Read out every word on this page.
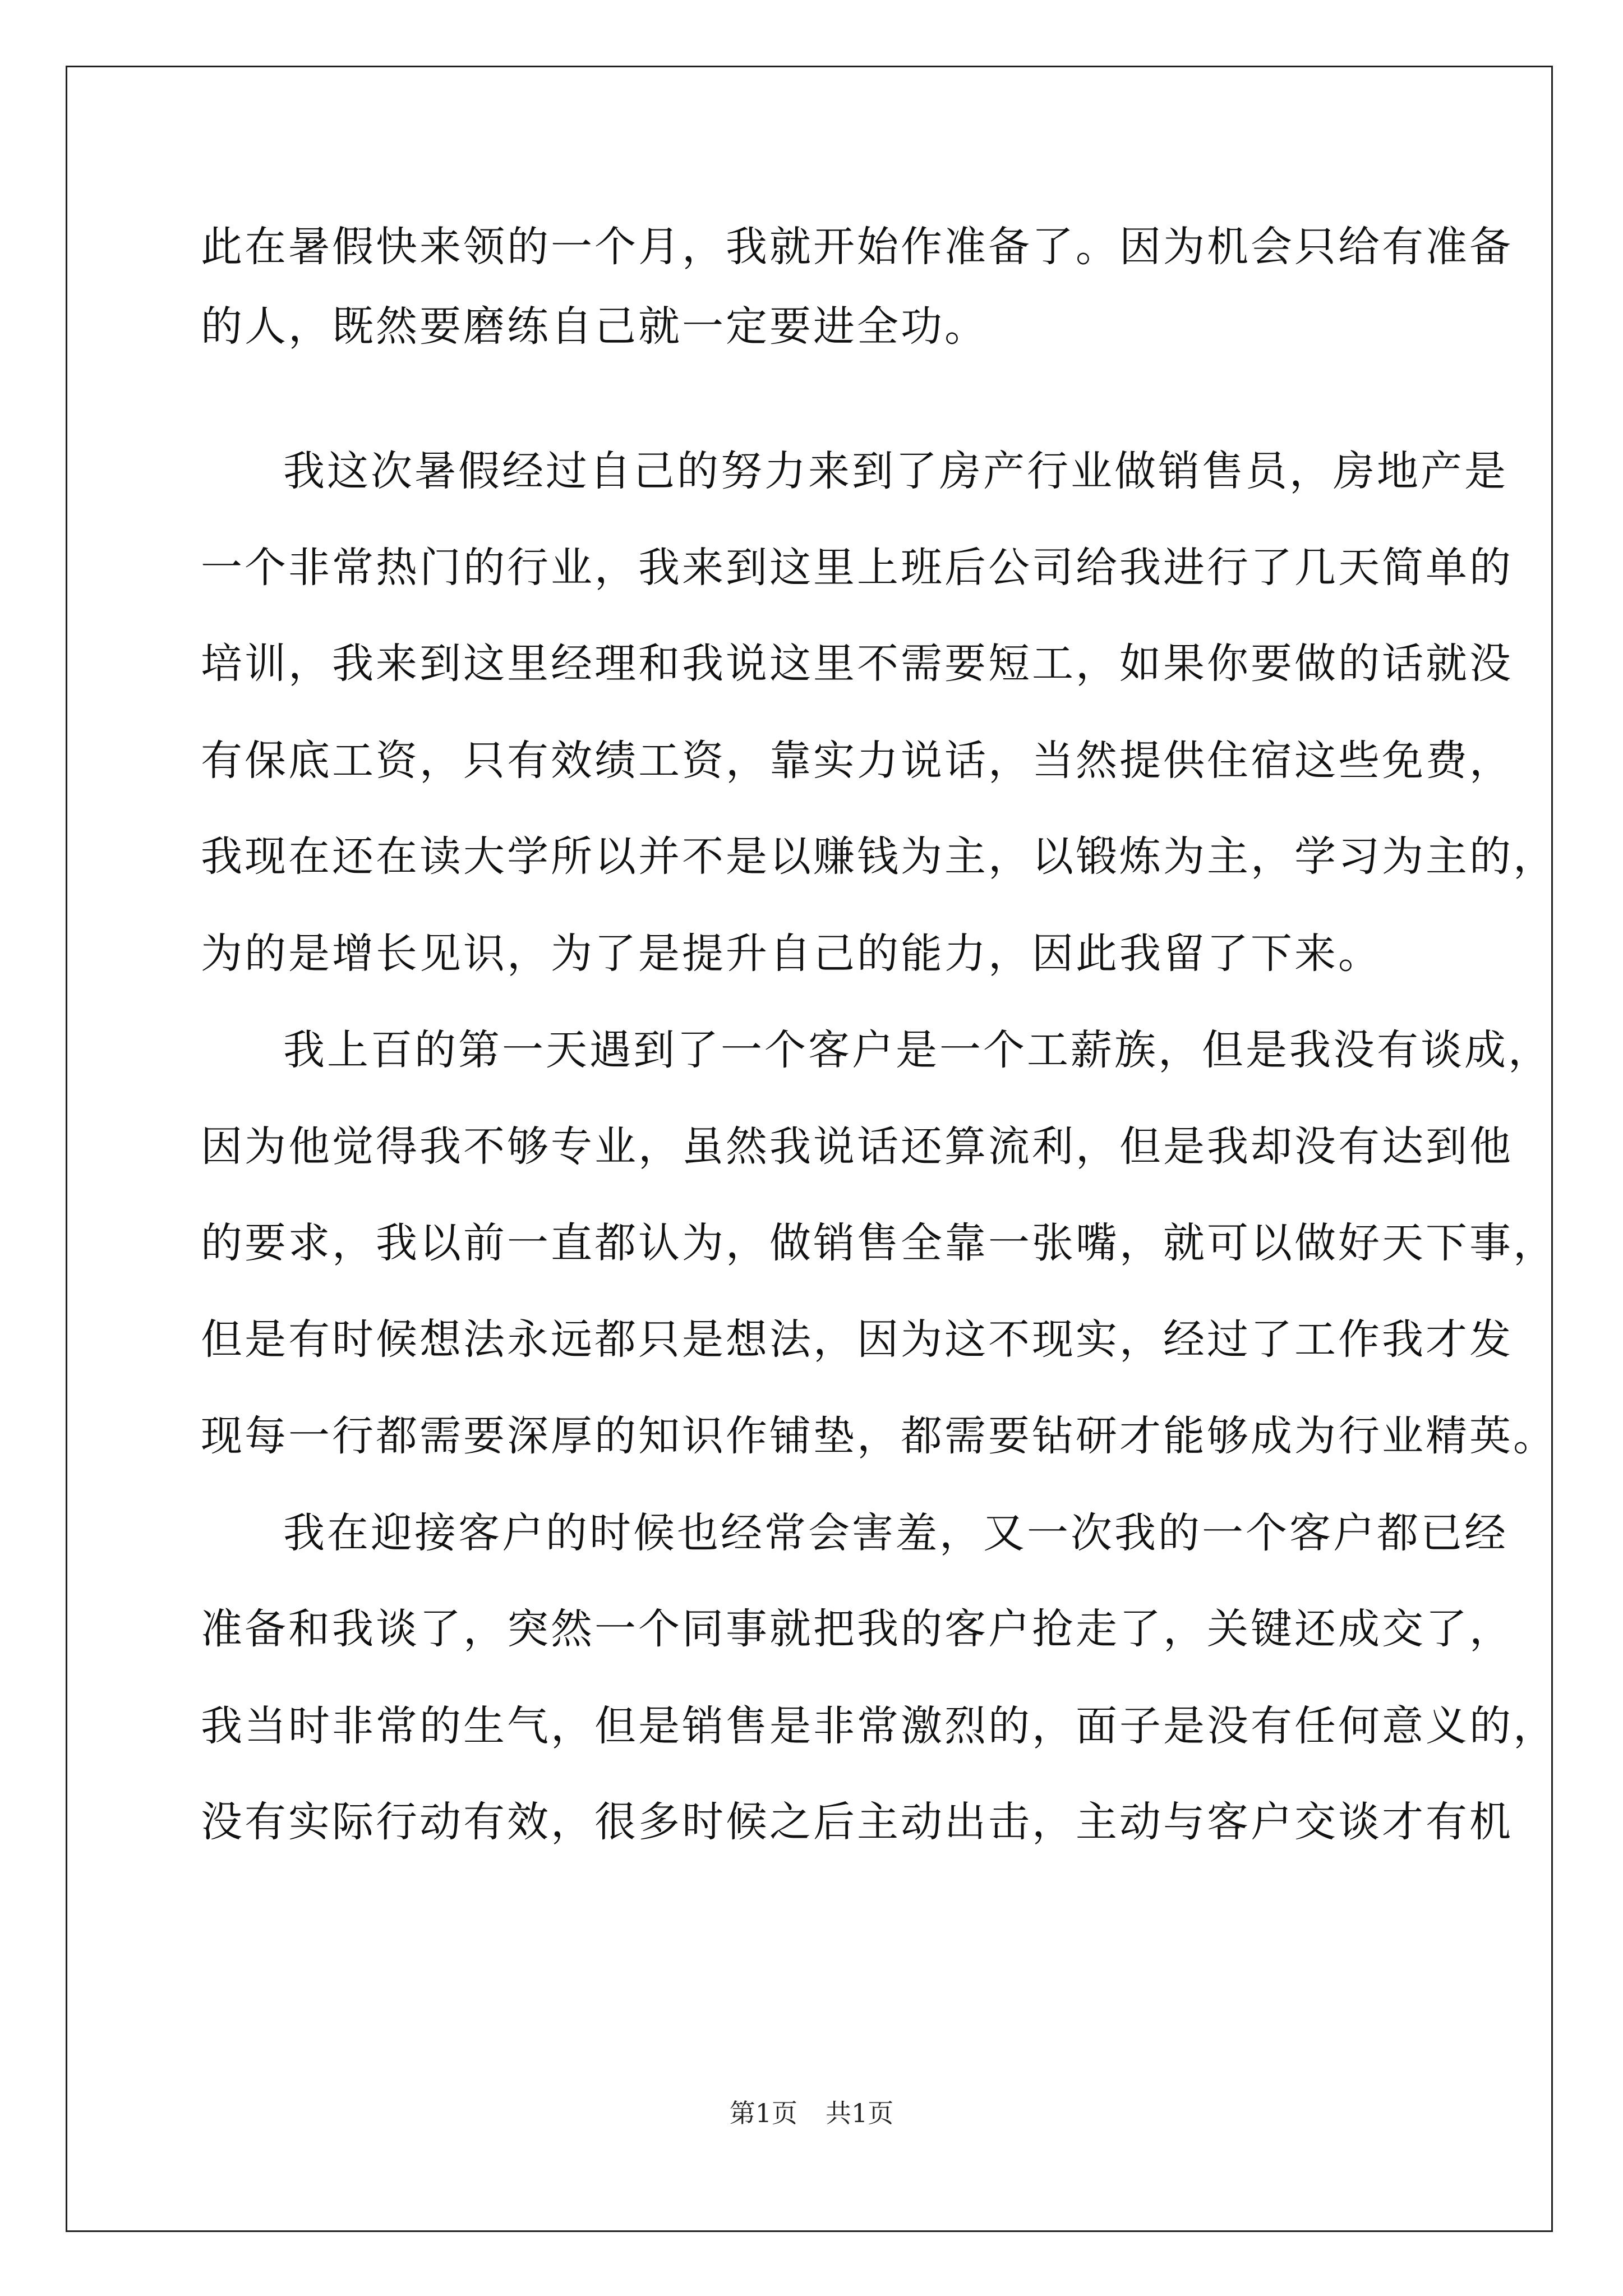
此在暑假快来领的一个月，我就开始作准备了。因为机会只给有准备
的人，既然要磨练自己就一定要进全功。
我这次暑假经过自己的努力来到了房产行业做销售员，房地产是
一个非常热门的行业，我来到这里上班后公司给我进行了几天简单的
培训，我来到这里经理和我说这里不需要短工，如果你要做的话就没
有保底工资，只有效绩工资，靠实力说话，当然提供住宿这些免费，
我现在还在读大学所以并不是以赚钱为主，以锻炼为主，学习为主的，
为的是增长见识，为了是提升自己的能力，因此我留了下来。
我上百的第一天遇到了一个客户是一个工薪族，但是我没有谈成，
因为他觉得我不够专业，虽然我说话还算流利，但是我却没有达到他
的要求，我以前一直都认为，做销售全靠一张嘴，就可以做好天下事，
但是有时候想法永远都只是想法，因为这不现实，经过了工作我才发
现每一行都需要深厚的知识作铺垫，都需要钻研才能够成为行业精英。
我在迎接客户的时候也经常会害羞，又一次我的一个客户都已经
准备和我谈了，突然一个同事就把我的客户抢走了，关键还成交了，
我当时非常的生气，但是销售是非常激烈的，面子是没有任何意义的，
没有实际行动有效，很多时候之后主动出击，主动与客户交谈才有机
第1页 共1页
